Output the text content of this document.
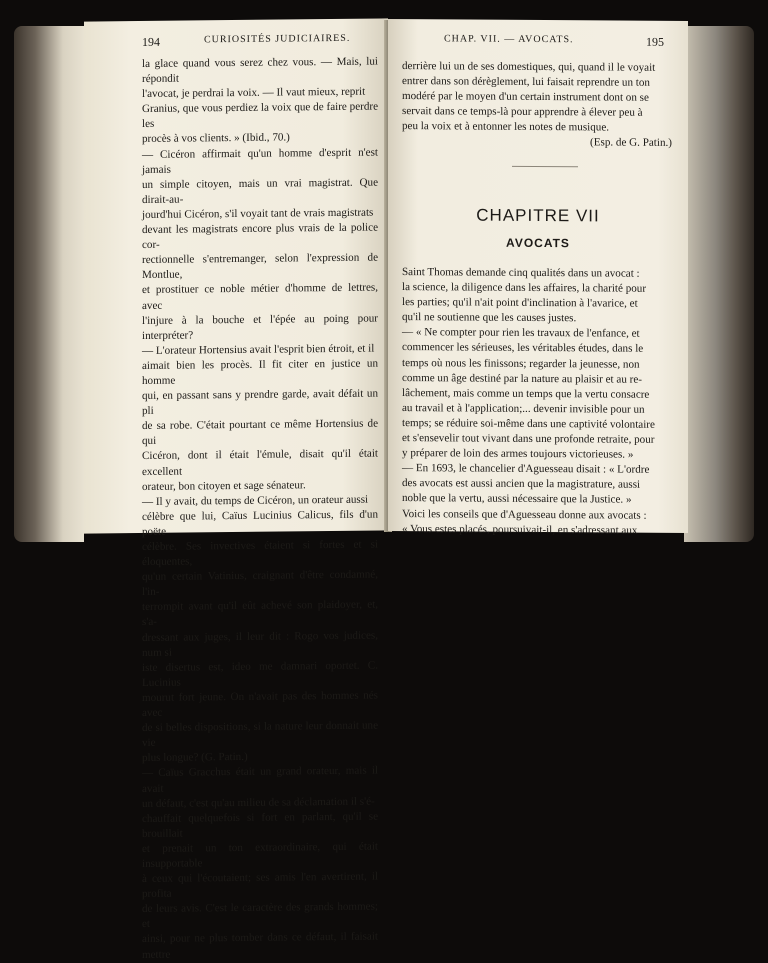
194	CURIOSITÉS JUDICIAIRES.

la glace quand vous serez chez vous. — Mais, lui répondit

l'avocat, je perdrai la voix. — Il vaut mieux, reprit

Granius, que vous perdiez la voix que de faire perdre les

procès à vos clients. » (Ibid., 70.)

— Cicéron affirmait qu'un homme d'esprit n'est jamais

un simple citoyen, mais un vrai magistrat. Que dirait-au-

jourd'hui Cicéron, s'il voyait tant de vrais magistrats

devant les magistrats encore plus vrais de la police cor-

rectionnelle s'entremanger, selon l'expression de Montlue,

et prostituer ce noble métier d'homme de lettres, avec

l'injure à la bouche et l'épée au poing pour interpréter?

— L'orateur Hortensius avait l'esprit bien étroit, et il

aimait bien les procès. Il fit citer en justice un homme

qui, en passant sans y prendre garde, avait défait un pli

de sa robe. C'était pourtant ce même Hortensius de qui

Cicéron, dont il était l'émule, disait qu'il était excellent

orateur, bon citoyen et sage sénateur.

— Il y avait, du temps de Cicéron, un orateur aussi

célèbre que lui, Caïus Lucinius Calicus, fils d'un poëte

célèbre. Ses invectives étaient si fortes et si éloquentes,

qu'un certain Vatinius, craignant d'être condamné, l'in-

terrompit avant qu'il eût achevé son plaidoyer, et, s'a-

dressant aux juges, il leur dit : Rogo vos judices, num si

iste disertus est, ideo me damnari oportet. C. Lucinius

mourut fort jeune. On n'avait pas des hommes nés avec

de si belles dispositions, si la nature leur donnait une vie

plus longue? (G. Patin.)

— Caïus Gracchus était un grand orateur, mais il avait

un défaut, c'est qu'au milieu de sa déclamation il s'é-

chauffait quelquefois si fort en parlant, qu'il se brouillait

et prenait un ton extraordinaire, qui était insupportable

à ceux qui l'écoutaient; ses amis l'en avertirent, il profita

de leurs avis. C'est le caractère des grands hommes; et

ainsi, pour ne plus tomber dans ce défaut, il faisait mettre

CHAP. VII. — AVOCATS.	195

derrière lui un de ses domestiques, qui, quand il le voyait

entrer dans son dérèglement, lui faisait reprendre un ton

modéré par le moyen d'un certain instrument dont on se

servait dans ce temps-là pour apprendre à élever peu à

peu la voix et à entonner les notes de musique.

(Esp. de G. Patin.)

CHAPITRE VII
AVOCATS

Saint Thomas demande cinq qualités dans un avocat :

la science, la diligence dans les affaires, la charité pour

les parties; qu'il n'ait point d'inclination à l'avarice, et

qu'il ne soutienne que les causes justes.

— « Ne compter pour rien les travaux de l'enfance, et

commencer les sérieuses, les véritables études, dans le

temps où nous les finissons; regarder la jeunesse, non

comme un âge destiné par la nature au plaisir et au re-

lâchement, mais comme un temps que la vertu consacre

au travail et à l'application;... devenir invisible pour un

temps; se réduire soi-même dans une captivité volontaire

et s'ensevelir tout vivant dans une profonde retraite, pour

y préparer de loin des armes toujours victorieuses. »

— En 1693, le chancelier d'Aguesseau disait : « L'ordre

des avocats est aussi ancien que la magistrature, aussi

noble que la vertu, aussi nécessaire que la Justice. »

Voici les conseils que d'Aguesseau donne aux avocats :

« Vous estes placés, poursuivait-il, en s'adressant aux
